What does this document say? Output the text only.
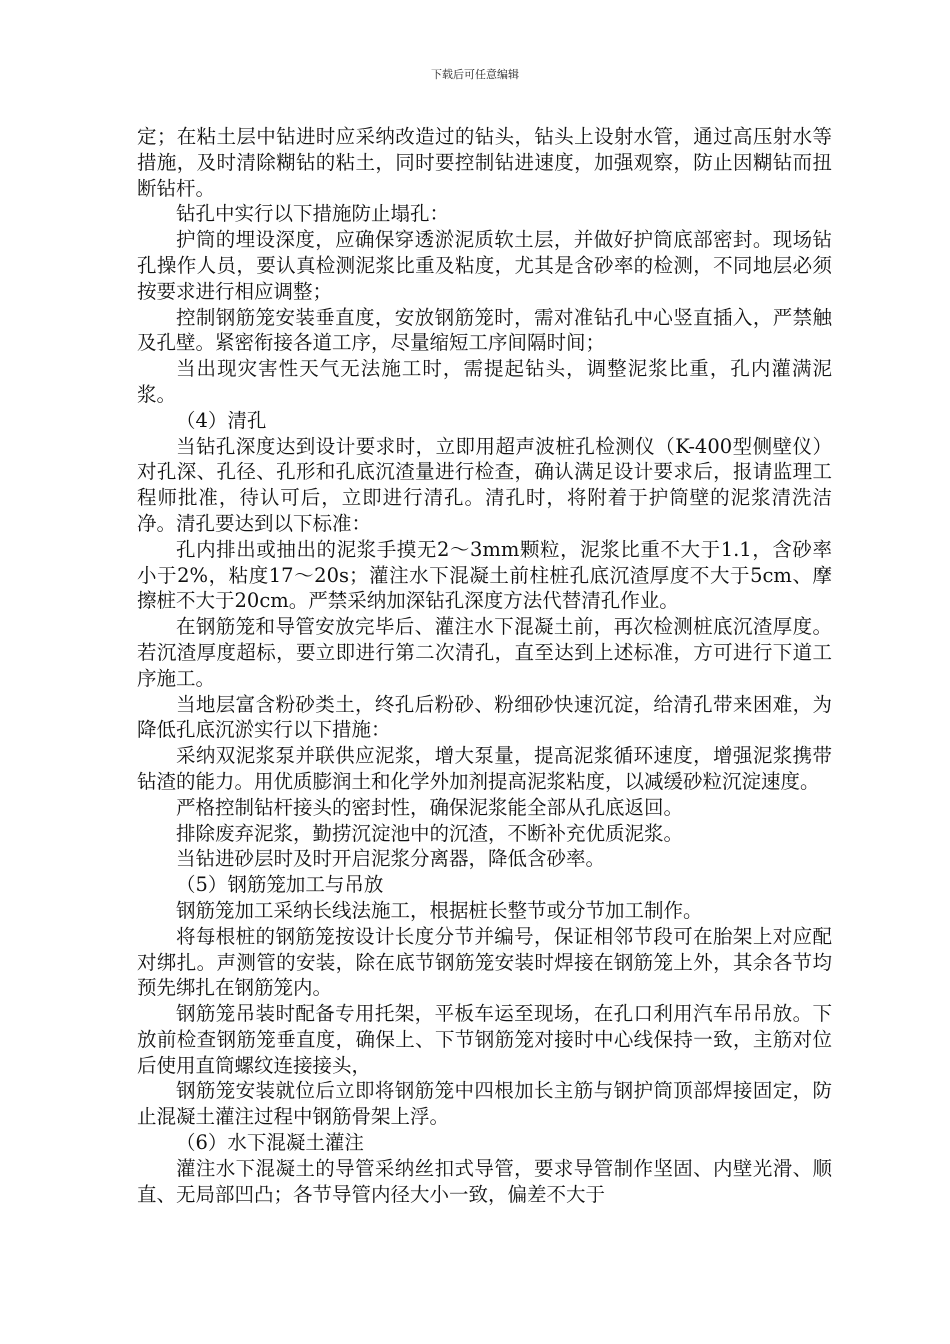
下载后可任意编辑

定；在粘土层中钻进时应采纳改造过的钻头，钻头上设射水管，通过高压射水等措施，及时清除糊钻的粘土，同时要控制钻进速度，加强观察，防止因糊钻而扭断钻杆。

钻孔中实行以下措施防止塌孔：

护筒的埋设深度，应确保穿透淤泥质软土层，并做好护筒底部密封。现场钻孔操作人员，要认真检测泥浆比重及粘度，尤其是含砂率的检测，不同地层必须按要求进行相应调整；

控制钢筋笼安装垂直度，安放钢筋笼时，需对准钻孔中心竖直插入，严禁触及孔壁。紧密衔接各道工序，尽量缩短工序间隔时间；

当出现灾害性天气无法施工时，需提起钻头，调整泥浆比重，孔内灌满泥浆。

（4）清孔

当钻孔深度达到设计要求时，立即用超声波桩孔检测仪（K-400型侧壁仪）对孔深、孔径、孔形和孔底沉渣量进行检查，确认满足设计要求后，报请监理工程师批准，待认可后，立即进行清孔。清孔时，将附着于护筒壁的泥浆清洗洁净。清孔要达到以下标准：

孔内排出或抽出的泥浆手摸无2～3mm颗粒，泥浆比重不大于1.1，含砂率小于2%，粘度17～20s；灌注水下混凝土前柱桩孔底沉渣厚度不大于5cm、摩擦桩不大于20cm。严禁采纳加深钻孔深度方法代替清孔作业。

在钢筋笼和导管安放完毕后、灌注水下混凝土前，再次检测桩底沉渣厚度。若沉渣厚度超标，要立即进行第二次清孔，直至达到上述标准，方可进行下道工序施工。

当地层富含粉砂类土，终孔后粉砂、粉细砂快速沉淀，给清孔带来困难，为降低孔底沉淤实行以下措施：

采纳双泥浆泵并联供应泥浆，增大泵量，提高泥浆循环速度，增强泥浆携带钻渣的能力。用优质膨润土和化学外加剂提高泥浆粘度，以减缓砂粒沉淀速度。

严格控制钻杆接头的密封性，确保泥浆能全部从孔底返回。

排除废弃泥浆，勤捞沉淀池中的沉渣，不断补充优质泥浆。

当钻进砂层时及时开启泥浆分离器，降低含砂率。

（5）钢筋笼加工与吊放

钢筋笼加工采纳长线法施工，根据桩长整节或分节加工制作。

将每根桩的钢筋笼按设计长度分节并编号，保证相邻节段可在胎架上对应配对绑扎。声测管的安装，除在底节钢筋笼安装时焊接在钢筋笼上外，其余各节均预先绑扎在钢筋笼内。

钢筋笼吊装时配备专用托架，平板车运至现场，在孔口利用汽车吊吊放。下放前检查钢筋笼垂直度，确保上、下节钢筋笼对接时中心线保持一致，主筋对位后使用直筒螺纹连接接头，

钢筋笼安装就位后立即将钢筋笼中四根加长主筋与钢护筒顶部焊接固定，防止混凝土灌注过程中钢筋骨架上浮。

（6）水下混凝土灌注

灌注水下混凝土的导管采纳丝扣式导管，要求导管制作坚固、内壁光滑、顺直、无局部凹凸；各节导管内径大小一致，偏差不大于
